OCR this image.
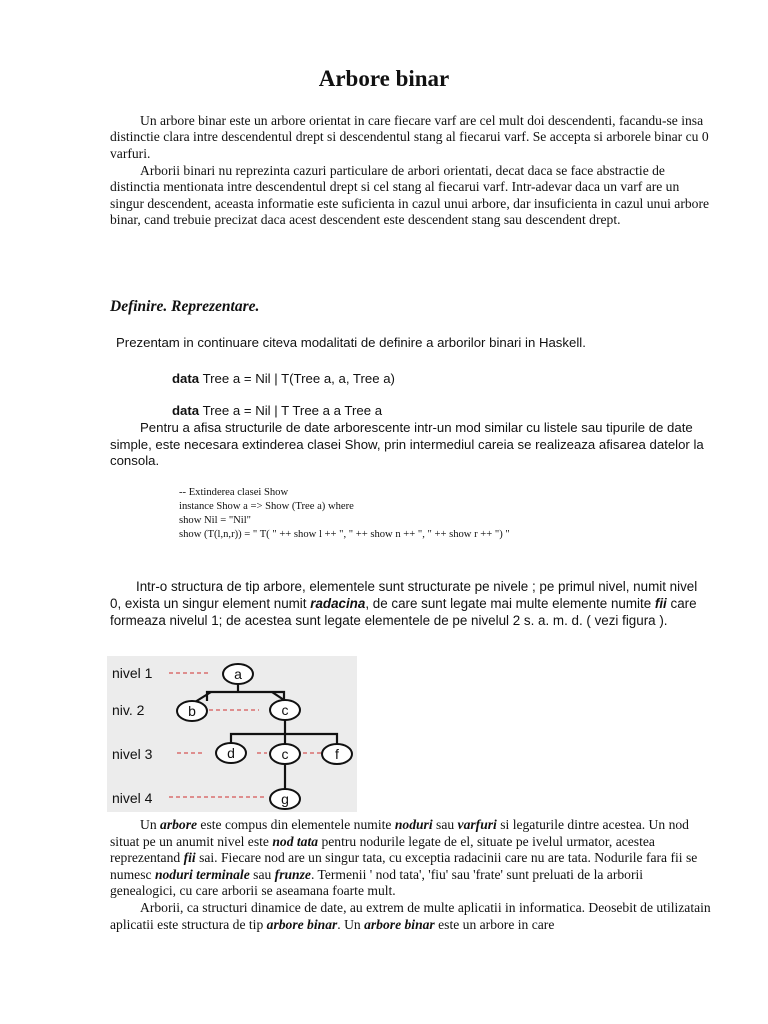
Arbore binar

Un arbore binar este un arbore orientat in care fiecare varf are cel mult doi descendenti, facandu-se insa distinctie clara intre descendentul drept si descendentul stang al fiecarui varf. Se accepta si arborele binar cu 0 varfuri.

Arborii binari nu reprezinta cazuri particulare de arbori orientati, decat daca se face abstractie de distinctia mentionata intre descendentul drept si cel stang al fiecarui varf. Intr-adevar daca un varf are un singur descendent, aceasta informatie este suficienta in cazul unui arbore, dar insuficienta in cazul unui arbore binar, cand trebuie precizat daca acest descendent este descendent stang sau descendent drept.

Definire. Reprezentare.

Prezentam in continuare citeva modalitati de definire a arborilor binari in Haskell.

data Tree a = Nil | T(Tree a, a, Tree a)

data Tree a = Nil | T Tree a a Tree a

Pentru a afisa structurile de date arborescente intr-un mod similar cu listele sau tipurile de date simple, este necesara extinderea clasei Show, prin intermediul careia se realizeaza afisarea datelor la consola.

-- Extinderea clasei Show
instance Show a => Show (Tree a) where
show Nil = "Nil"
show (T(l,n,r)) = " T( " ++ show l ++ ", " ++ show n ++ ", " ++ show r ++ ") "

Intr-o structura de tip arbore, elementele sunt structurate pe nivele ; pe primul nivel, numit nivel 0, exista un singur element numit radacina, de care sunt legate mai multe elemente numite fii care formeaza nivelul 1; de acestea sunt legate elementele de pe nivelul 2 s. a. m. d. ( vezi figura ).

nivel 1
niv. 2
nivel 3
nivel 4
a
b	c
d	c	f
g

Un arbore este compus din elementele numite noduri sau varfuri si legaturile dintre acestea. Un nod situat pe un anumit nivel este nod tata pentru nodurile legate de el, situate pe ivelul urmator, acestea reprezentand fii sai. Fiecare nod are un singur tata, cu exceptia radacinii care nu are tata. Nodurile fara fii se numesc noduri terminale sau frunze. Termenii ' nod tata', 'fiu' sau 'frate' sunt preluati de la arborii genealogici, cu care arborii se aseamana foarte mult.

Arborii, ca structuri dinamice de date, au extrem de multe aplicatii in informatica. Deosebit de utilizatain aplicatii este structura de tip arbore binar. Un arbore binar este un arbore in care
